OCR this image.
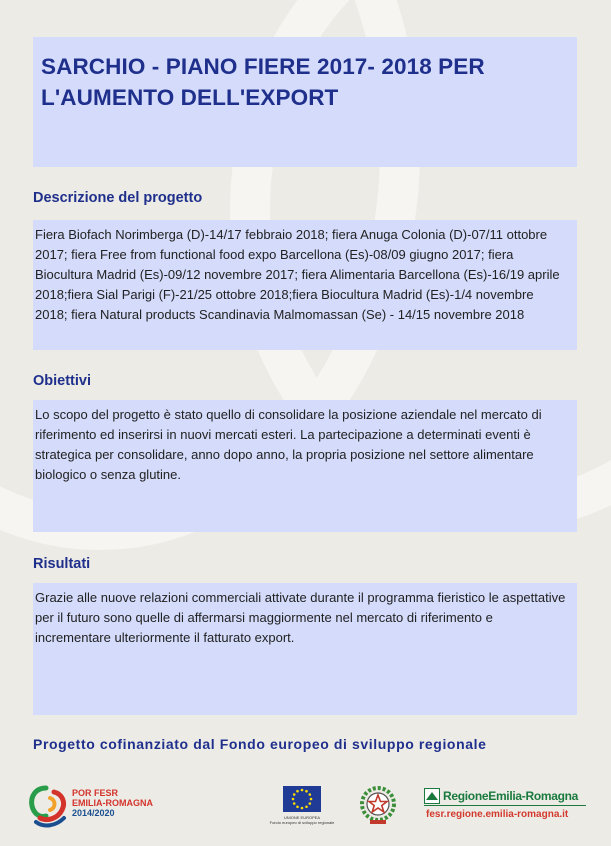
SARCHIO - PIANO FIERE 2017- 2018 PER L'AUMENTO DELL'EXPORT
Descrizione del progetto

Fiera Biofach Norimberga (D)-14/17 febbraio 2018; fiera Anuga Colonia (D)-07/11 ottobre 2017; fiera Free from functional food expo Barcellona (Es)-08/09 giugno 2017; fiera Biocultura Madrid (Es)-09/12 novembre 2017; fiera Alimentaria Barcellona (Es)-16/19 aprile 2018;fiera Sial Parigi (F)-21/25 ottobre 2018;fiera Biocultura Madrid (Es)-1/4 novembre 2018; fiera Natural products Scandinavia Malmomassan (Se) - 14/15 novembre 2018

Obiettivi

Lo scopo del progetto è stato quello di consolidare la posizione aziendale nel mercato di riferimento ed inserirsi in nuovi mercati esteri. La partecipazione a determinati eventi è strategica per consolidare, anno dopo anno, la propria posizione nel settore alimentare biologico o senza glutine.

Risultati

Grazie alle nuove relazioni commerciali attivate durante il programma fieristico le aspettative per il futuro sono quelle di affermarsi maggiormente nel mercato di riferimento e incrementare ulteriormente il fatturato export.

Progetto cofinanziato dal Fondo europeo di sviluppo regionale

POR FESR
EMILIA-ROMAGNA
2014/2020	UNIONE EUROPEA
Fondo europeo di sviluppo regionale
RegioneEmilia-Romagna
fesr.regione.emilia-romagna.it
